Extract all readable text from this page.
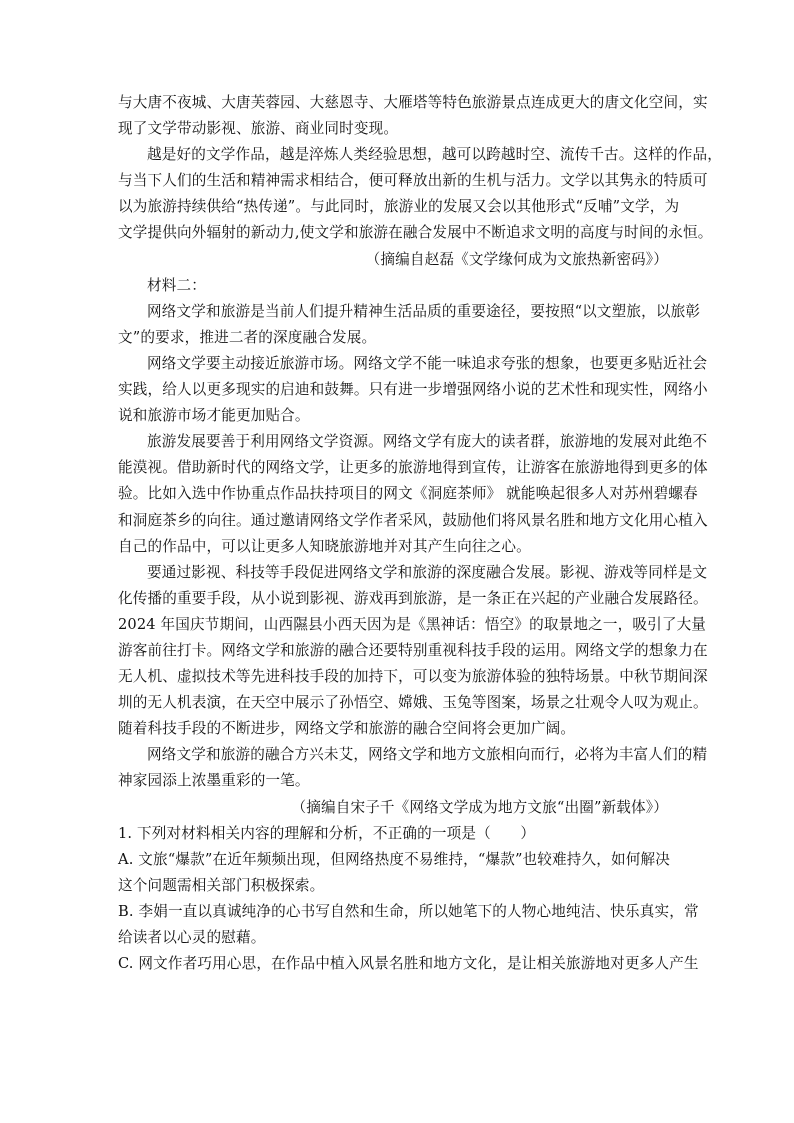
与大唐不夜城、大唐芙蓉园、大慈恩寺、大雁塔等特色旅游景点连成更大的唐文化空间，实
现了文学带动影视、旅游、商业同时变现。
越是好的文学作品，越是淬炼人类经验思想，越可以跨越时空、流传千古。这样的作品，
与当下人们的生活和精神需求相结合，便可释放出新的生机与活力。文学以其隽永的特质可
以为旅游持续供给“热传递”。与此同时，旅游业的发展又会以其他形式“反哺”文学，为
文学提供向外辐射的新动力,使文学和旅游在融合发展中不断追求文明的高度与时间的永恒。
（摘编自赵磊《文学缘何成为文旅热新密码》）
材料二：
网络文学和旅游是当前人们提升精神生活品质的重要途径，要按照“以文塑旅，以旅彰
文”的要求，推进二者的深度融合发展。
网络文学要主动接近旅游市场。网络文学不能一味追求夸张的想象，也要更多贴近社会
实践，给人以更多现实的启迪和鼓舞。只有进一步增强网络小说的艺术性和现实性，网络小
说和旅游市场才能更加贴合。
旅游发展要善于利用网络文学资源。网络文学有庞大的读者群，旅游地的发展对此绝不
能漠视。借助新时代的网络文学，让更多的旅游地得到宣传，让游客在旅游地得到更多的体
验。比如入选中作协重点作品扶持项目的网文《洞庭茶师》 就能唤起很多人对苏州碧螺春
和洞庭茶乡的向往。通过邀请网络文学作者采风，鼓励他们将风景名胜和地方文化用心植入
自己的作品中，可以让更多人知晓旅游地并对其产生向往之心。
要通过影视、科技等手段促进网络文学和旅游的深度融合发展。影视、游戏等同样是文
化传播的重要手段，从小说到影视、游戏再到旅游，是一条正在兴起的产业融合发展路径。
2024 年国庆节期间，山西隰县小西天因为是《黑神话：悟空》的取景地之一，吸引了大量
游客前往打卡。网络文学和旅游的融合还要特别重视科技手段的运用。网络文学的想象力在
无人机、虚拟技术等先进科技手段的加持下，可以变为旅游体验的独特场景。中秋节期间深
圳的无人机表演，在天空中展示了孙悟空、嫦娥、玉兔等图案，场景之壮观令人叹为观止。
随着科技手段的不断进步，网络文学和旅游的融合空间将会更加广阔。
网络文学和旅游的融合方兴未艾，网络文学和地方文旅相向而行，必将为丰富人们的精
神家园添上浓墨重彩的一笔。
（摘编自宋子千《网络文学成为地方文旅“出圈”新载体》）
1. 下列对材料相关内容的理解和分析，不正确的一项是（　　）
A. 文旅“爆款”在近年频频出现，但网络热度不易维持，“爆款”也较难持久，如何解决
这个问题需相关部门积极探索。
B. 李娟一直以真诚纯净的心书写自然和生命，所以她笔下的人物心地纯洁、快乐真实，常
给读者以心灵的慰藉。
C. 网文作者巧用心思，在作品中植入风景名胜和地方文化，是让相关旅游地对更多人产生
